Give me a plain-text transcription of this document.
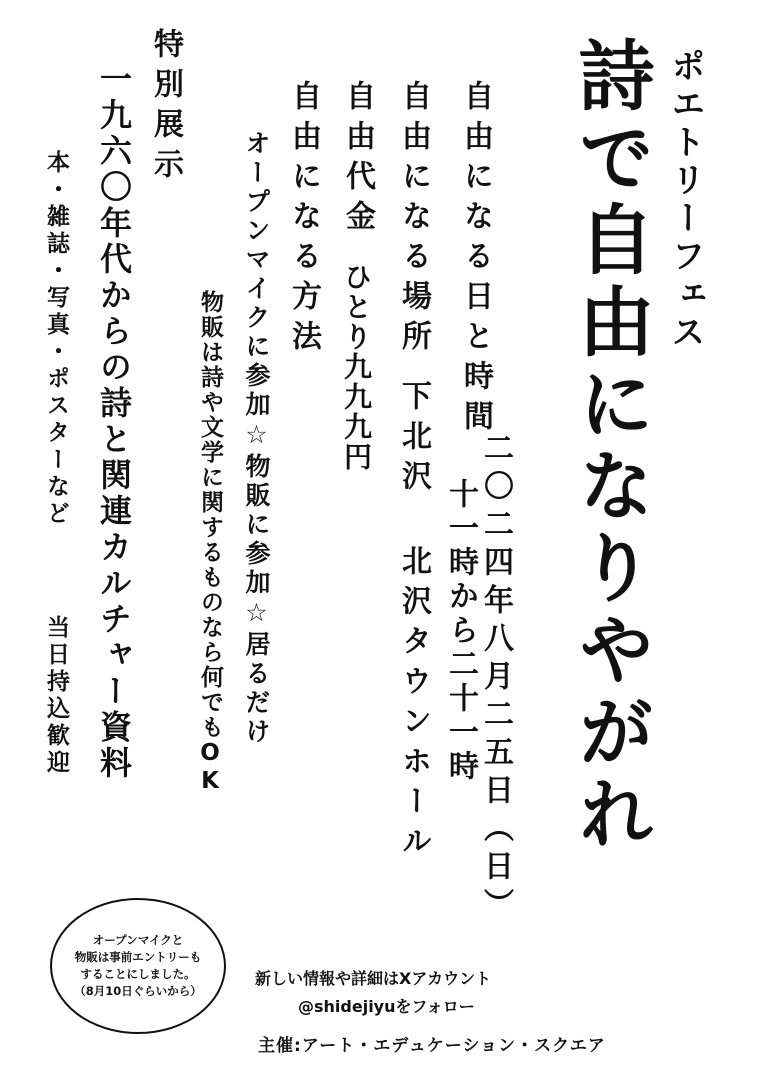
ポエトリーフェス
詩で自由になりやがれ
自由になる日と時間
二〇二四年八月二五日（日）
十一時から二十一時
自由になる場所
下北沢 北沢タウンホール
自由代金
ひとり九九九円
自由になる方法
オープンマイクに参加☆物販に参加☆居るだけ
物販は詩や文学に関するものなら何でもOK
特別展示
一九六〇年代からの詩と関連カルチャー資料
本・雑誌・写真・ポスターなど
当日持込歓迎
オープンマイクと
物販は事前エントリーも
することにしました。
（8月10日ぐらいから）
新しい情報や詳細はXアカウント
@shidejiyuをフォロー
主催:アート・エデュケーション・スクエア
